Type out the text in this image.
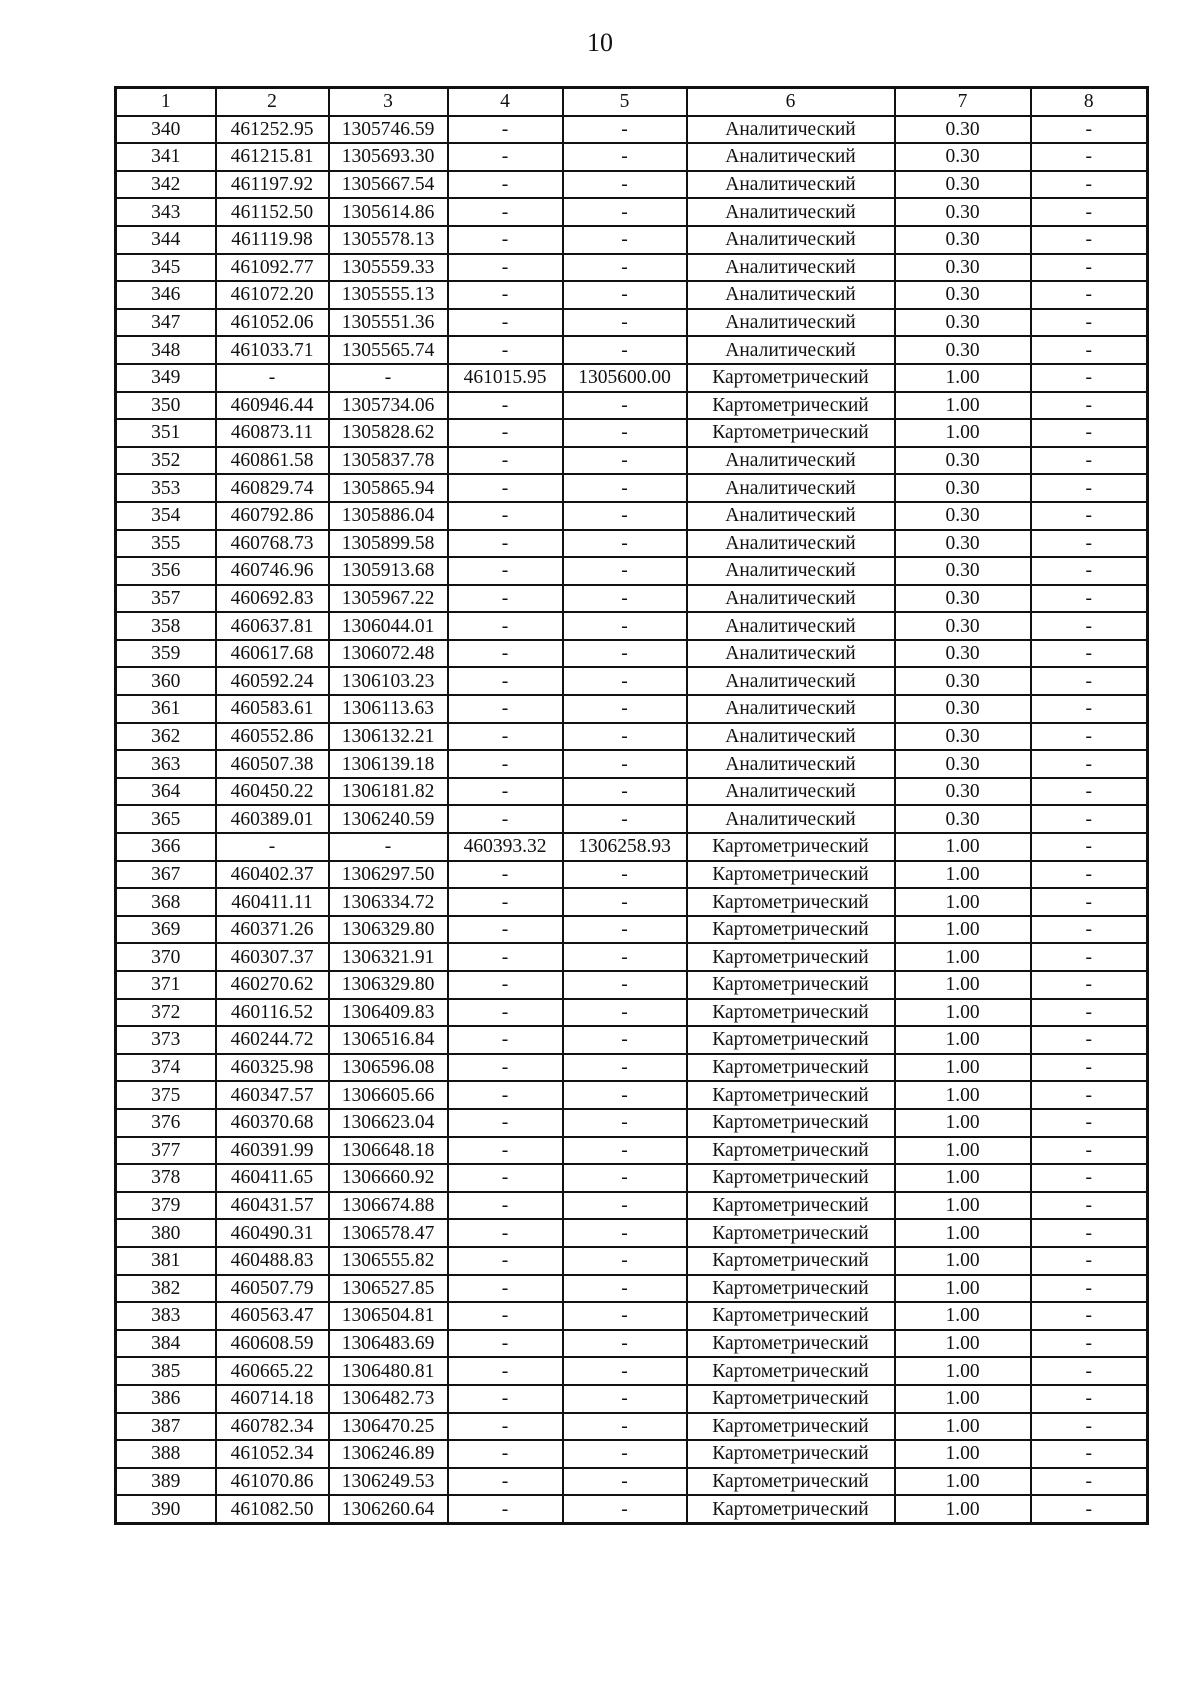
10
1	2	3	4	5	6	7	8
340	461252.95	1305746.59	-	-	Аналитический	0.30	-
341	461215.81	1305693.30	-	-	Аналитический	0.30	-
342	461197.92	1305667.54	-	-	Аналитический	0.30	-
343	461152.50	1305614.86	-	-	Аналитический	0.30	-
344	461119.98	1305578.13	-	-	Аналитический	0.30	-
345	461092.77	1305559.33	-	-	Аналитический	0.30	-
346	461072.20	1305555.13	-	-	Аналитический	0.30	-
347	461052.06	1305551.36	-	-	Аналитический	0.30	-
348	461033.71	1305565.74	-	-	Аналитический	0.30	-
349	-	-	461015.95	1305600.00	Картометрический	1.00	-
350	460946.44	1305734.06	-	-	Картометрический	1.00	-
351	460873.11	1305828.62	-	-	Картометрический	1.00	-
352	460861.58	1305837.78	-	-	Аналитический	0.30	-
353	460829.74	1305865.94	-	-	Аналитический	0.30	-
354	460792.86	1305886.04	-	-	Аналитический	0.30	-
355	460768.73	1305899.58	-	-	Аналитический	0.30	-
356	460746.96	1305913.68	-	-	Аналитический	0.30	-
357	460692.83	1305967.22	-	-	Аналитический	0.30	-
358	460637.81	1306044.01	-	-	Аналитический	0.30	-
359	460617.68	1306072.48	-	-	Аналитический	0.30	-
360	460592.24	1306103.23	-	-	Аналитический	0.30	-
361	460583.61	1306113.63	-	-	Аналитический	0.30	-
362	460552.86	1306132.21	-	-	Аналитический	0.30	-
363	460507.38	1306139.18	-	-	Аналитический	0.30	-
364	460450.22	1306181.82	-	-	Аналитический	0.30	-
365	460389.01	1306240.59	-	-	Аналитический	0.30	-
366	-	-	460393.32	1306258.93	Картометрический	1.00	-
367	460402.37	1306297.50	-	-	Картометрический	1.00	-
368	460411.11	1306334.72	-	-	Картометрический	1.00	-
369	460371.26	1306329.80	-	-	Картометрический	1.00	-
370	460307.37	1306321.91	-	-	Картометрический	1.00	-
371	460270.62	1306329.80	-	-	Картометрический	1.00	-
372	460116.52	1306409.83	-	-	Картометрический	1.00	-
373	460244.72	1306516.84	-	-	Картометрический	1.00	-
374	460325.98	1306596.08	-	-	Картометрический	1.00	-
375	460347.57	1306605.66	-	-	Картометрический	1.00	-
376	460370.68	1306623.04	-	-	Картометрический	1.00	-
377	460391.99	1306648.18	-	-	Картометрический	1.00	-
378	460411.65	1306660.92	-	-	Картометрический	1.00	-
379	460431.57	1306674.88	-	-	Картометрический	1.00	-
380	460490.31	1306578.47	-	-	Картометрический	1.00	-
381	460488.83	1306555.82	-	-	Картометрический	1.00	-
382	460507.79	1306527.85	-	-	Картометрический	1.00	-
383	460563.47	1306504.81	-	-	Картометрический	1.00	-
384	460608.59	1306483.69	-	-	Картометрический	1.00	-
385	460665.22	1306480.81	-	-	Картометрический	1.00	-
386	460714.18	1306482.73	-	-	Картометрический	1.00	-
387	460782.34	1306470.25	-	-	Картометрический	1.00	-
388	461052.34	1306246.89	-	-	Картометрический	1.00	-
389	461070.86	1306249.53	-	-	Картометрический	1.00	-
390	461082.50	1306260.64	-	-	Картометрический	1.00	-
